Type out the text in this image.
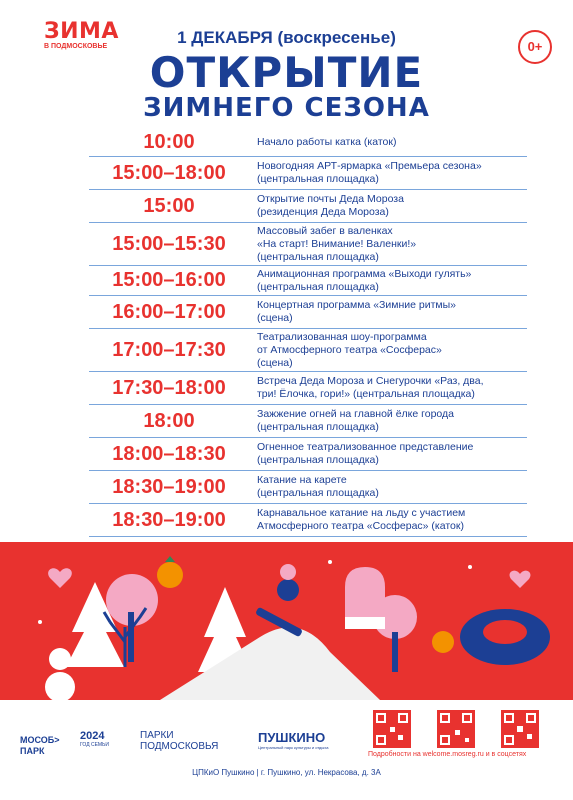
ЗИМА
В ПОДМОСКОВЬЕ	1 ДЕКАБРЯ (воскресенье)	0+
ОТКРЫТИЕ
ЗИМНЕГО СЕЗОНА
10:00	Начало работы катка (каток)
15:00–18:00	Новогодняя АРТ-ярмарка «Премьера сезона»
(центральная площадка)
15:00	Открытие почты Деда Мороза
(резиденция Деда Мороза)
15:00–15:30
Массовый забег в валенках
«На старт! Внимание! Валенки!»
(центральная площадка)
15:00–16:00	Анимационная программа «Выходи гулять»
(центральная площадка)
16:00–17:00	Концертная программа «Зимние ритмы»
(сцена)
17:00–17:30
Театрализованная шоу-программа
от Атмосферного театра «Сосферас»
(сцена)
17:30–18:00	Встреча Деда Мороза и Снегурочки «Раз, два,
три! Ёлочка, гори!» (центральная площадка)
18:00	Зажжение огней на главной ёлке города
(центральная площадка)
18:00–18:30	Огненное театрализованное представление
(центральная площадка)
18:30–19:00	Катание на карете
(центральная площадка)
18:30–19:00	Карнавальное катание на льду с участием
Атмосферного театра «Сосферас» (каток)
МОСОБ>
ПАРК
2024
ГОД СЕМЬИ
ПАРКИ
ПОДМОСКОВЬЯ
ПУШКИНО
Центральный парк культуры и отдыха
Подробности на welcome.mosreg.ru и в соцсетях
ЦПКиО Пушкино | г. Пушкино, ул. Некрасова, д. 3А
